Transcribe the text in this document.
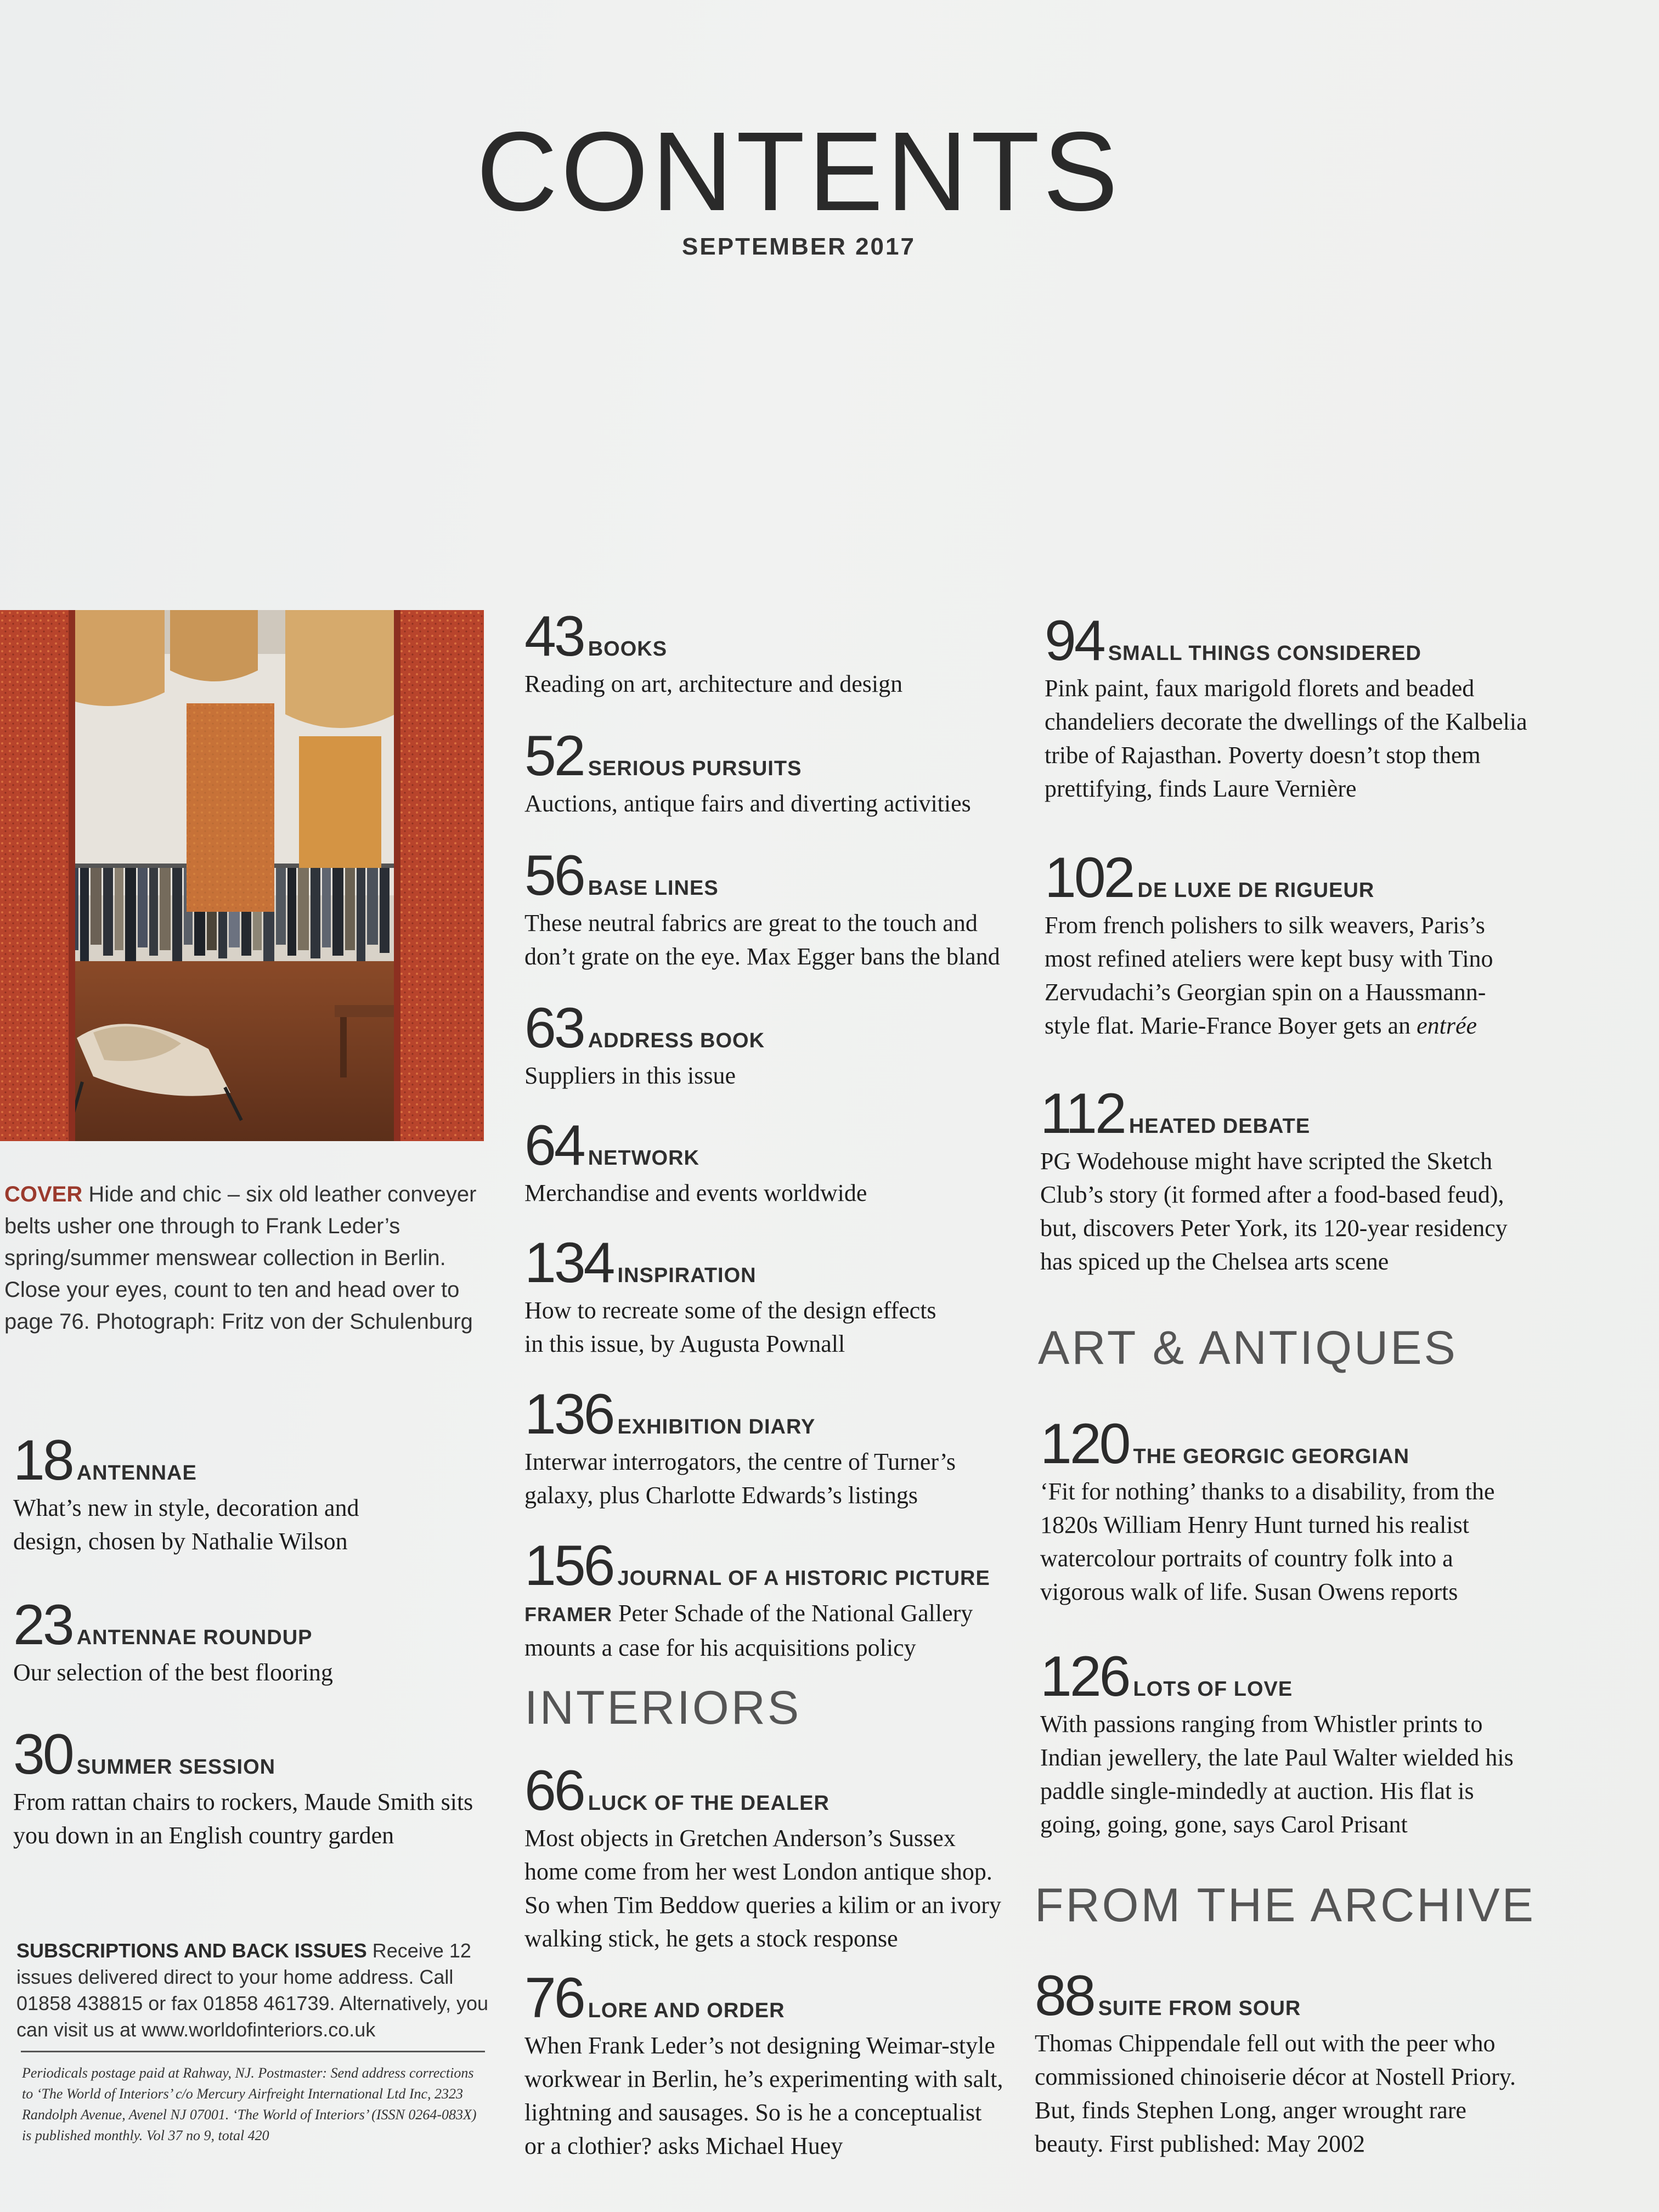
CONTENTS
SEPTEMBER 2017
COVER Hide and chic – six old leather conveyer belts usher one through to Frank Leder’s spring/summer menswear collection in Berlin. Close your eyes, count to ten and head over to page 76. Photograph: Fritz von der Schulenburg
18 ANTENNAE
What’s new in style, decoration and design, chosen by Nathalie Wilson
23 ANTENNAE ROUNDUP
Our selection of the best flooring
30 SUMMER SESSION
From rattan chairs to rockers, Maude Smith sits you down in an English country garden
SUBSCRIPTIONS AND BACK ISSUES Receive 12 issues delivered direct to your home address. Call 01858 438815 or fax 01858 461739. Alternatively, you can visit us at www.worldofinteriors.co.uk
Periodicals postage paid at Rahway, NJ. Postmaster: Send address corrections to ‘The World of Interiors’ c/o Mercury Airfreight International Ltd Inc, 2323 Randolph Avenue, Avenel NJ 07001. ‘The World of Interiors’ (ISSN 0264-083X) is published monthly. Vol 37 no 9, total 420
43 BOOKS
Reading on art, architecture and design
52 SERIOUS PURSUITS
Auctions, antique fairs and diverting activities
56 BASE LINES
These neutral fabrics are great to the touch and don’t grate on the eye. Max Egger bans the bland
63 ADDRESS BOOK
Suppliers in this issue
64 NETWORK
Merchandise and events worldwide
134 INSPIRATION
How to recreate some of the design effects in this issue, by Augusta Pownall
136 EXHIBITION DIARY
Interwar interrogators, the centre of Turner’s galaxy, plus Charlotte Edwards’s listings
156 JOURNAL OF A HISTORIC PICTURE
FRAMER Peter Schade of the National Gallery mounts a case for his acquisitions policy
INTERIORS
66 LUCK OF THE DEALER
Most objects in Gretchen Anderson’s Sussex home come from her west London antique shop. So when Tim Beddow queries a kilim or an ivory walking stick, he gets a stock response
76 LORE AND ORDER
When Frank Leder’s not designing Weimar-style workwear in Berlin, he’s experimenting with salt, lightning and sausages. So is he a conceptualist or a clothier? asks Michael Huey
94 SMALL THINGS CONSIDERED
Pink paint, faux marigold florets and beaded chandeliers decorate the dwellings of the Kalbelia tribe of Rajasthan. Poverty doesn’t stop them prettifying, finds Laure Vernière
102 DE LUXE DE RIGUEUR
From french polishers to silk weavers, Paris’s most refined ateliers were kept busy with Tino Zervudachi’s Georgian spin on a Haussmann-style flat. Marie-France Boyer gets an entrée
112 HEATED DEBATE
PG Wodehouse might have scripted the Sketch Club’s story (it formed after a food-based feud), but, discovers Peter York, its 120-year residency has spiced up the Chelsea arts scene
ART & ANTIQUES
120 THE GEORGIC GEORGIAN
‘Fit for nothing’ thanks to a disability, from the 1820s William Henry Hunt turned his realist watercolour portraits of country folk into a vigorous walk of life. Susan Owens reports
126 LOTS OF LOVE
With passions ranging from Whistler prints to Indian jewellery, the late Paul Walter wielded his paddle single-mindedly at auction. His flat is going, going, gone, says Carol Prisant
FROM THE ARCHIVE
88 SUITE FROM SOUR
Thomas Chippendale fell out with the peer who commissioned chinoiserie décor at Nostell Priory. But, finds Stephen Long, anger wrought rare beauty. First published: May 2002
